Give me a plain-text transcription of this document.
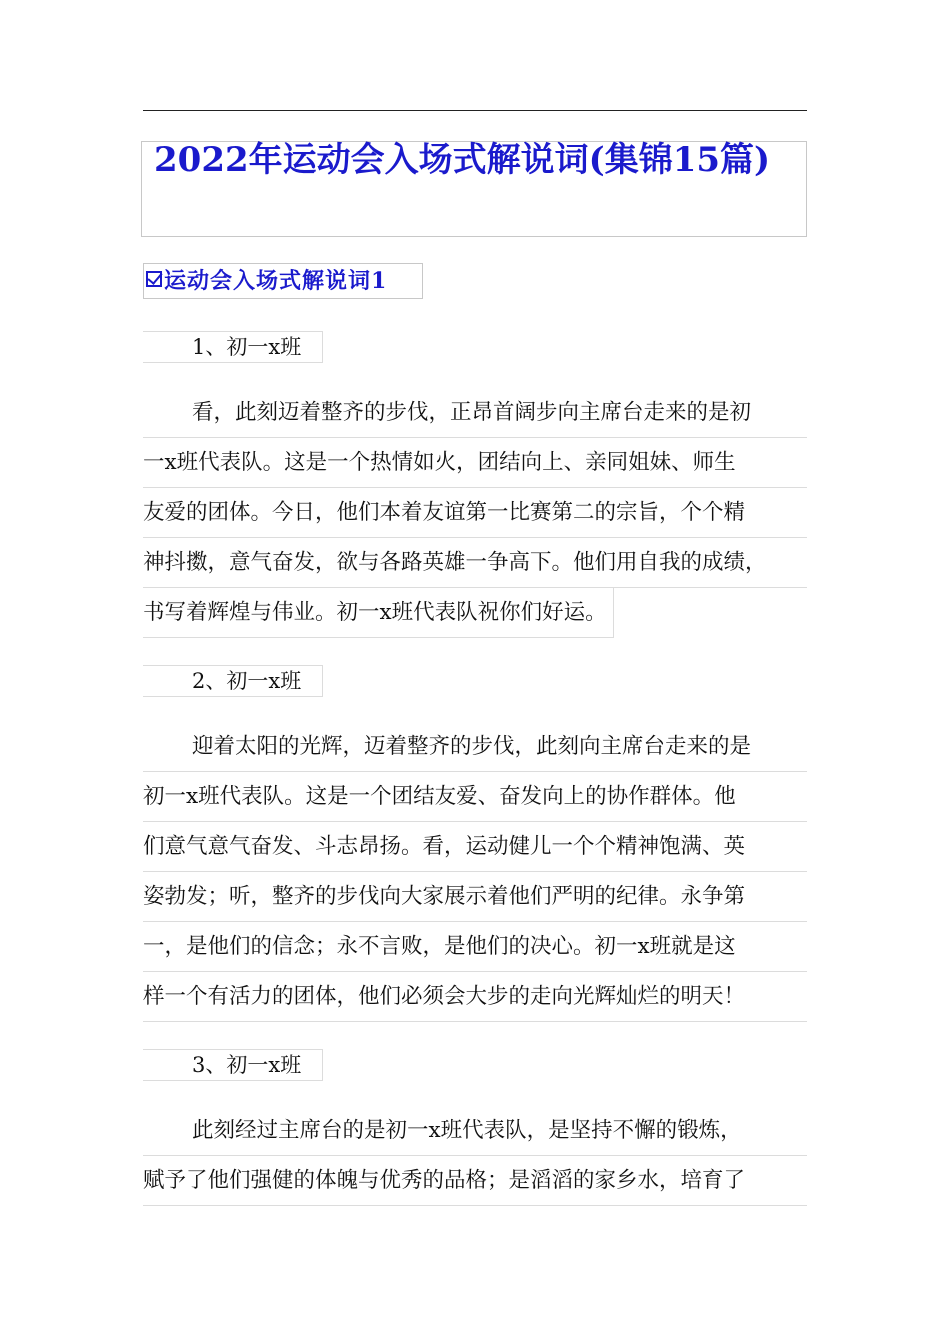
2022年运动会入场式解说词(集锦15篇)
运动会入场式解说词1
1、初一x班
看，此刻迈着整齐的步伐，正昂首阔步向主席台走来的是初
一x班代表队。这是一个热情如火，团结向上、亲同姐妹、师生
友爱的团体。今日，他们本着友谊第一比赛第二的宗旨，个个精
神抖擞，意气奋发，欲与各路英雄一争高下。他们用自我的成绩，
书写着辉煌与伟业。初一x班代表队祝你们好运。
2、初一x班
迎着太阳的光辉，迈着整齐的步伐，此刻向主席台走来的是
初一x班代表队。这是一个团结友爱、奋发向上的协作群体。他
们意气意气奋发、斗志昂扬。看，运动健儿一个个精神饱满、英
姿勃发；听，整齐的步伐向大家展示着他们严明的纪律。永争第
一，是他们的信念；永不言败，是他们的决心。初一x班就是这
样一个有活力的团体，他们必须会大步的走向光辉灿烂的明天！
3、初一x班
此刻经过主席台的是初一x班代表队，是坚持不懈的锻炼，
赋予了他们强健的体魄与优秀的品格；是滔滔的家乡水，培育了
